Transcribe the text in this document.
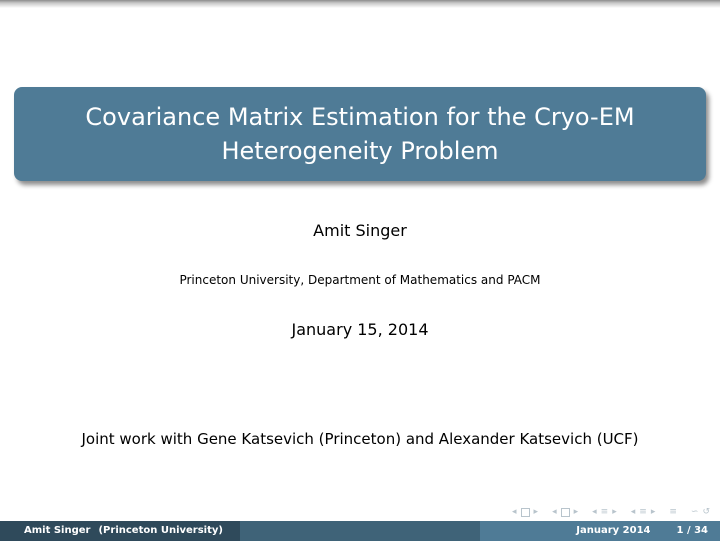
Covariance Matrix Estimation for the Cryo-EM
Heterogeneity Problem
Amit Singer
Princeton University, Department of Mathematics and PACM
January 15, 2014
Joint work with Gene Katsevich (Princeton) and Alexander Katsevich (UCF)
◂ ▸ ◂ ▸ ◂ ≡ ▸ ◂ ≡ ▸ ≡ ∽ ↺
Amit Singer (Princeton University)	January 2014	1 / 34
